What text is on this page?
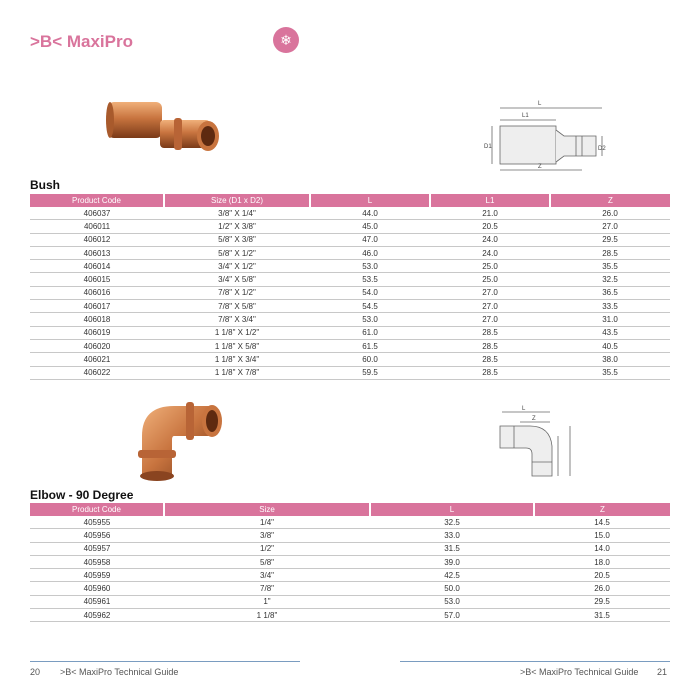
>B< MaxiPro	❄
L
L1
D1	D2
Z
Bush
Product Code	Size (D1 x D2)	L	L1	Z
406037	3/8" X 1/4"	44.0	21.0	26.0
406011	1/2" X 3/8"	45.0	20.5	27.0
406012	5/8" X 3/8"	47.0	24.0	29.5
406013	5/8" X 1/2"	46.0	24.0	28.5
406014	3/4" X 1/2"	53.0	25.0	35.5
406015	3/4" X 5/8"	53.5	25.0	32.5
406016	7/8" X 1/2"	54.0	27.0	36.5
406017	7/8" X 5/8"	54.5	27.0	33.5
406018	7/8" X 3/4"	53.0	27.0	31.0
406019	1 1/8" X 1/2"	61.0	28.5	43.5
406020	1 1/8" X 5/8"	61.5	28.5	40.5
406021	1 1/8" X 3/4"	60.0	28.5	38.0
406022	1 1/8" X 7/8"	59.5	28.5	35.5
L
Z
Elbow - 90 Degree
Product Code	Size	L	Z
405955	1/4"	32.5	14.5
405956	3/8"	33.0	15.0
405957	1/2"	31.5	14.0
405958	5/8"	39.0	18.0
405959	3/4"	42.5	20.5
405960	7/8"	50.0	26.0
405961	1"	53.0	29.5
405962	1 1/8"	57.0	31.5
20 >B< MaxiPro Technical Guide	>B< MaxiPro Technical Guide 21
